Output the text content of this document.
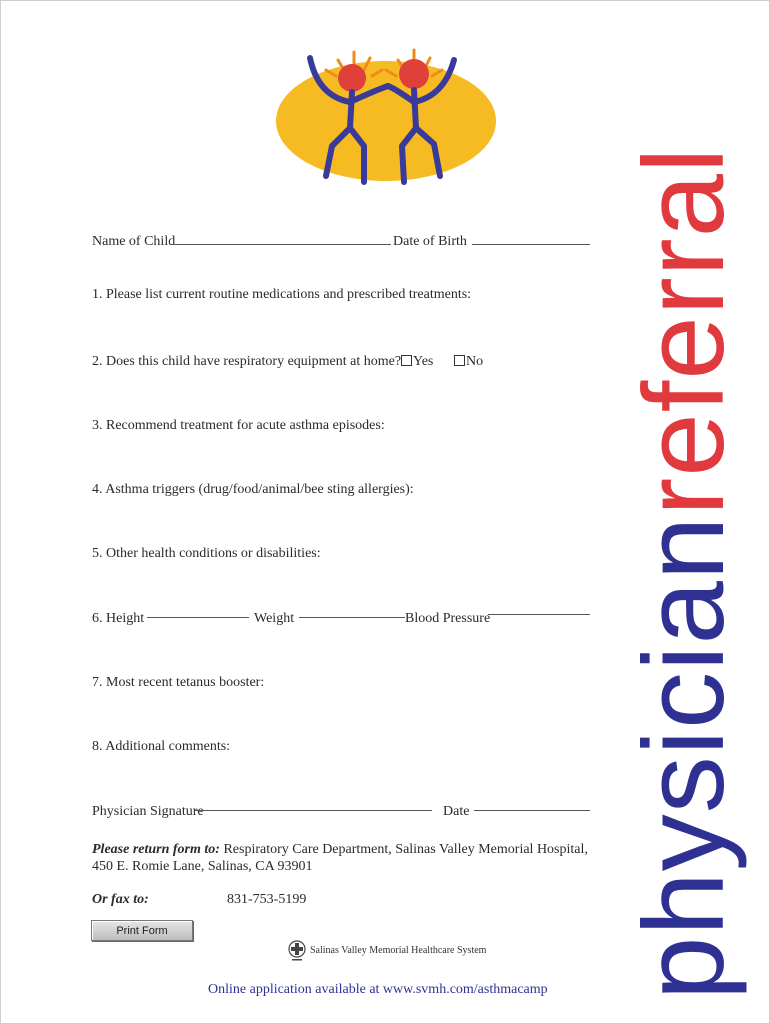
physicianreferral
Name of Child	Date of Birth
1. Please list current routine medications and prescribed treatments:
2. Does this child have respiratory equipment at home? Yes	No
3. Recommend treatment for acute asthma episodes:
4. Asthma triggers (drug/food/animal/bee sting allergies):
5. Other health conditions or disabilities:
6. Height	Weight	Blood Pressure
7. Most recent tetanus booster:
8. Additional comments:
Physician Signature	Date
Please return form to: Respiratory Care Department, Salinas Valley Memorial Hospital,
450 E. Romie Lane, Salinas, CA 93901
Or fax to:	831-753-5199
Print Form
Salinas Valley Memorial Healthcare System
Online application available at www.svmh.com/asthmacamp
